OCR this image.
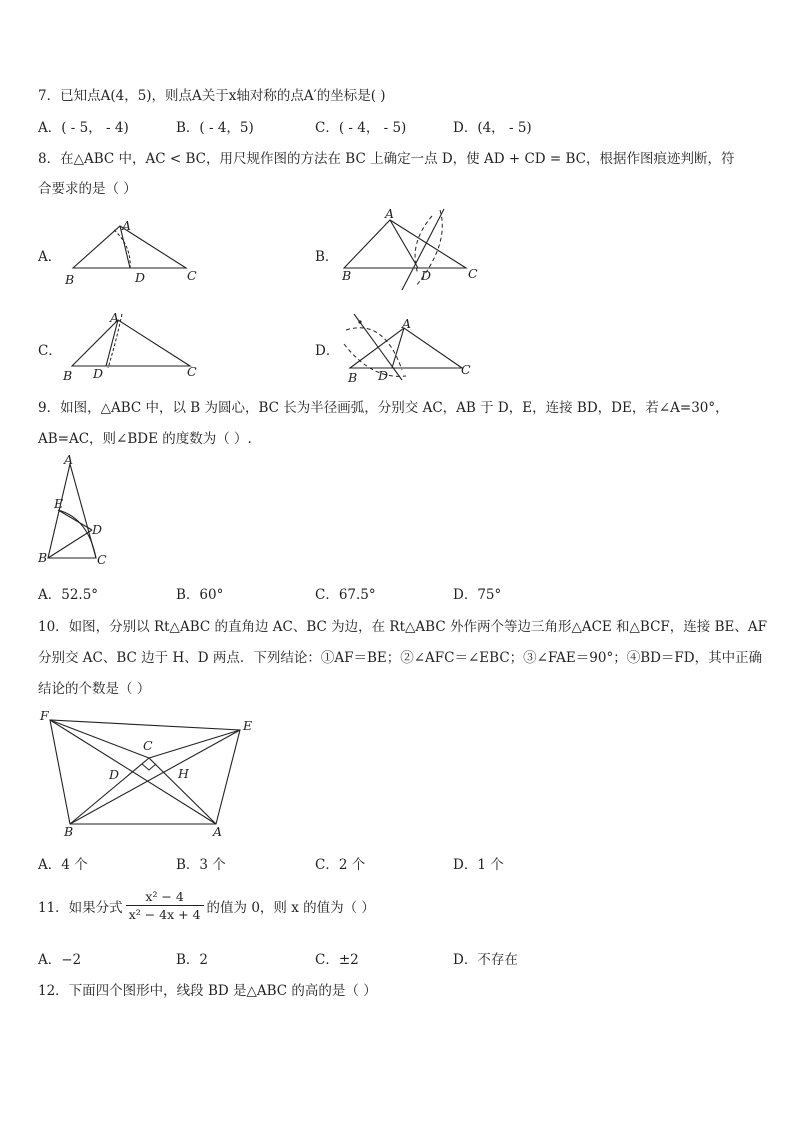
7．已知点A(4，5)，则点A关于x轴对称的点A′的坐标是( )
A．( - 5， - 4)	B．( - 4，5)	C．( - 4， - 5)	D．(4， - 5)
8．在△ABC 中，AC < BC，用尺规作图的方法在 BC 上确定一点 D，使 AD + CD = BC，根据作图痕迹判断，符
合要求的是（ ）
A．
A
B	D	C
B．
A
B	D	C
C．
A
B D	C
D．
A
B D	C
9．如图，△ABC 中，以 B 为圆心，BC 长为半径画弧，分别交 AC，AB 于 D，E，连接 BD，DE，若∠A=30°，
AB=AC，则∠BDE 的度数为（ ）.
A
E
D
B	C
A．52.5°	B．60°	C．67.5°	D．75°
10．如图，分别以 Rt△ABC 的直角边 AC、BC 为边，在 Rt△ABC 外作两个等边三角形△ACE 和△BCF，连接 BE、AF
分别交 AC、BC 边于 H、D 两点．下列结论：①AF＝BE；②∠AFC＝∠EBC；③∠FAE＝90°；④BD＝FD，其中正确
结论的个数是（ ）
F
E
C
D	H
B	A
A．4 个	B．3 个	C．2 个	D．1 个
11．如果分式 $\frac{\text{x² − 4}}{\text{x² − 4x + 4}}$ 的值为 0，则 x 的值为（ ）
A．−2	B．2	C．±2	D．不存在
12．下面四个图形中，线段 BD 是△ABC 的高的是（ ）
